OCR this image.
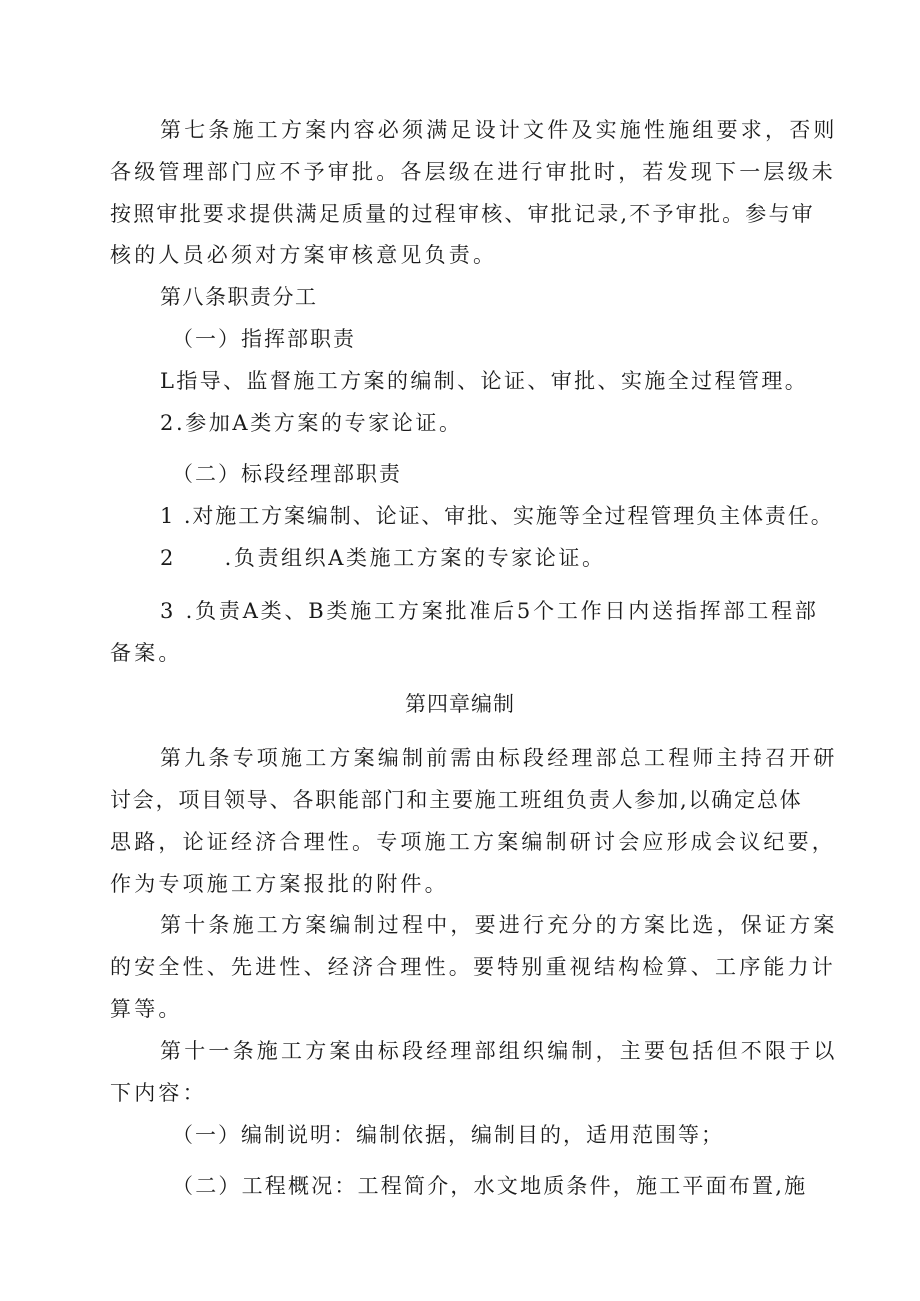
第七条施工方案内容必须满足设计文件及实施性施组要求，否则
各级管理部门应不予审批。各层级在进行审批时，若发现下一层级未
按照审批要求提供满足质量的过程审核、审批记录,不予审批。参与审
核的人员必须对方案审核意见负责。
第八条职责分工
（一）指挥部职责
L指导、监督施工方案的编制、论证、审批、实施全过程管理。
2.参加A类方案的专家论证。
（二）标段经理部职责
1 .对施工方案编制、论证、审批、实施等全过程管理负主体责任。
2 .负责组织A类施工方案的专家论证。
3 .负责A类、B类施工方案批准后5个工作日内送指挥部工程部
备案。
第四章编制
第九条专项施工方案编制前需由标段经理部总工程师主持召开研
讨会，项目领导、各职能部门和主要施工班组负责人参加,以确定总体
思路，论证经济合理性。专项施工方案编制研讨会应形成会议纪要，
作为专项施工方案报批的附件。
第十条施工方案编制过程中，要进行充分的方案比选，保证方案
的安全性、先进性、经济合理性。要特别重视结构检算、工序能力计
算等。
第十一条施工方案由标段经理部组织编制，主要包括但不限于以
下内容：
（一）编制说明：编制依据，编制目的，适用范围等；
（二）工程概况：工程简介，水文地质条件，施工平面布置,施
